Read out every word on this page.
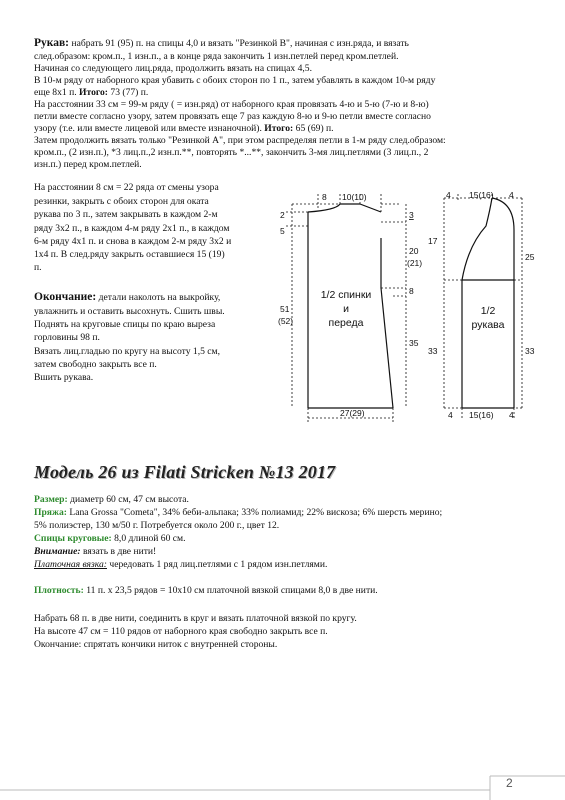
Рукав: набрать 91 (95) п. на спицы 4,0 и вязать "Резинкой В", начиная с изн.ряда, и вязать

след.образом: кром.п., 1 изн.п., а в конце ряда закончить 1 изн.петлей перед кром.петлей.

Начиная со следующего лиц.ряда, продолжить вязать на спицах 4,5.

В 10-м ряду от наборного края убавить с обоих сторон по 1 п., затем убавлять в каждом 10-м ряду

еще 8х1 п. Итого: 73 (77) п.

На расстоянии 33 см = 99-м ряду ( = изн.ряд) от наборного края провязать 4-ю и 5-ю (7-ю и 8-ю)

петли вместе согласно узору, затем провязать еще 7 раз каждую 8-ю и 9-ю петли вместе согласно

узору (т.е. или вместе лицевой или вместе изнаночной). Итого: 65 (69) п.

Затем продолжить вязать только "Резинкой А", при этом распределяя петли в 1-м ряду след.образом:

кром.п., (2 изн.п.), *3 лиц.п.,2 изн.п.**, повторять *...**, закончить 3-мя лиц.петлями (3 лиц.п., 2

изн.п.) перед кром.петлей.

На расстоянии 8 см = 22 ряда от смены узора

резинки, закрыть с обоих сторон для оката

рукава по 3 п., затем закрывать в каждом 2-м

ряду 3х2 п., в каждом 4-м ряду 2х1 п., в каждом

6-м ряду 4х1 п. и снова в каждом 2-м ряду 3х2 и

1х4 п. В след.ряду закрыть оставшиеся 15 (19)

п.

Окончание: детали наколоть на выкройку,

увлажнить и оставить высохнуть. Сшить швы.

Поднять на круговые спицы по краю выреза

горловины 98 п.

Вязать лиц.гладью по кругу на высоту 1,5 см,

затем свободно закрыть все п.

Вшить рукава.

8 10(10)
2
5
51
(52)
3
20
(21)
8
35
27(29)
1/2 спинки
и
переда
4 15(16) 4
17
33
25
33
4 15(16) 4
1/2
рукава
Модель 26 из Filati Stricken №13 2017

Размер: диаметр 60 см, 47 см высота.

Пряжа: Lana Grossa "Cometa", 34% беби-альпака; 33% полиамид; 22% вискоза; 6% шерсть мерино;

5% полиэстер, 130 м/50 г. Потребуется около 200 г., цвет 12.

Спицы круговые: 8,0 длиной 60 см.

Внимание: вязать в две нити!

Платочная вязка: чередовать 1 ряд лиц.петлями с 1 рядом изн.петлями.

Плотность: 11 п. х 23,5 рядов = 10х10 см платочной вязкой спицами 8,0 в две нити.

Набрать 68 п. в две нити, соединить в круг и вязать платочной вязкой по кругу.

На высоте 47 см = 110 рядов от наборного края свободно закрыть все п.

Окончание: спрятать кончики ниток с внутренней стороны.

2
